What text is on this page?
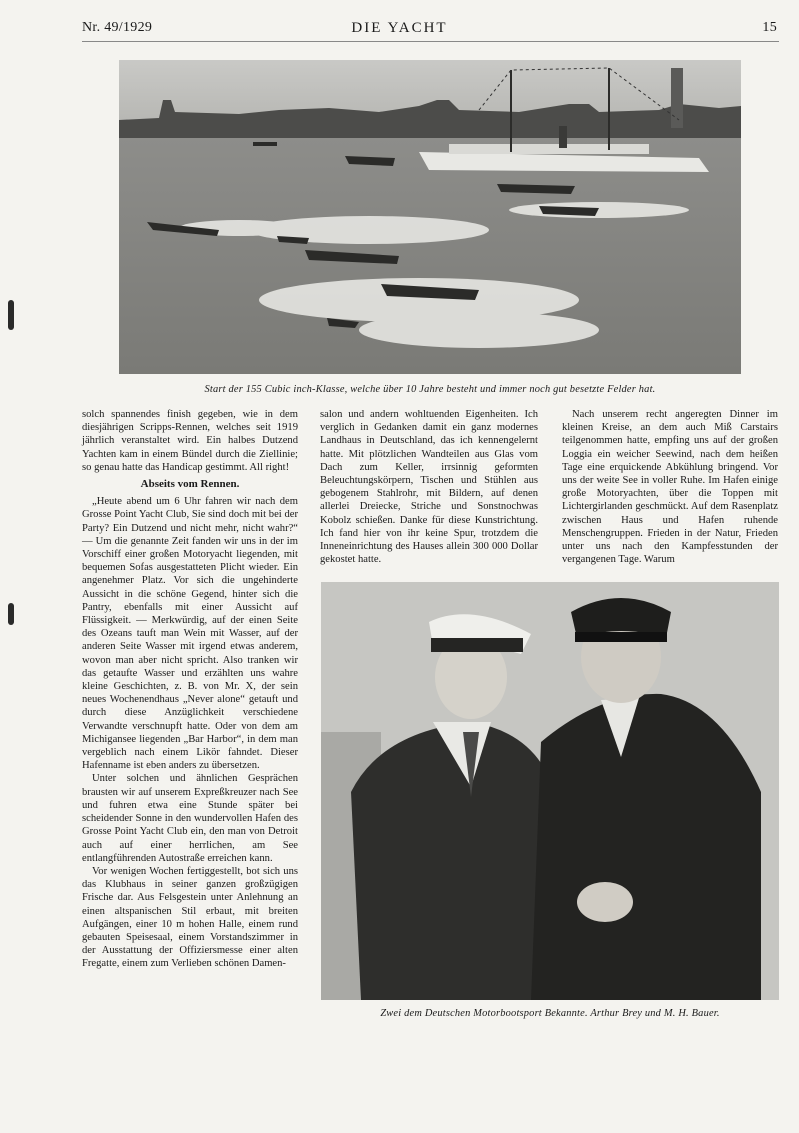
Nr. 49/1929	DIE YACHT	15
Start der 155 Cubic inch-Klasse, welche über 10 Jahre besteht und immer noch gut besetzte Felder hat.

solch spannendes finish gegeben, wie in dem diesjährigen Scripps-Rennen, welches seit 1919 jährlich veranstaltet wird. Ein halbes Dutzend Yachten kam in einem Bündel durch die Ziellinie; so genau hatte das Handicap gestimmt. All right!

Abseits vom Rennen.

„Heute abend um 6 Uhr fahren wir nach dem Grosse Point Yacht Club, Sie sind doch mit bei der Party? Ein Dutzend und nicht mehr, nicht wahr?“ — Um die genannte Zeit fanden wir uns in der im Vorschiff einer großen Motoryacht liegenden, mit bequemen Sofas ausgestatteten Plicht wieder. Ein angenehmer Platz. Vor sich die ungehinderte Aussicht in die schöne Gegend, hinter sich die Pantry, ebenfalls mit einer Aussicht auf Flüssigkeit. — Merkwürdig, auf der einen Seite des Ozeans tauft man Wein mit Wasser, auf der anderen Seite Wasser mit irgend etwas anderem, wovon man aber nicht spricht. Also tranken wir das getaufte Wasser und erzählten uns wahre kleine Geschichten, z. B. von Mr. X, der sein neues Wochenendhaus „Never alone“ getauft und durch diese Anzüglichkeit verschiedene Verwandte verschnupft hatte. Oder von dem am Michigansee liegenden „Bar Harbor“, in dem man vergeblich nach einem Likör fahndet. Dieser Hafenname ist eben anders zu übersetzen.

Unter solchen und ähnlichen Gesprächen brausten wir auf unserem Expreßkreuzer nach See und fuhren etwa eine Stunde später bei scheidender Sonne in den wundervollen Hafen des Grosse Point Yacht Club ein, den man von Detroit auch auf einer herrlichen, am See entlangführenden Autostraße erreichen kann.

Vor wenigen Wochen fertiggestellt, bot sich uns das Klubhaus in seiner ganzen großzügigen Frische dar. Aus Felsgestein unter Anlehnung an einen altspanischen Stil erbaut, mit breiten Aufgängen, einer 10 m hohen Halle, einem rund gebauten Speisesaal, einem Vorstandszimmer in der Ausstattung der Offiziersmesse einer alten Fregatte, einem zum Verlieben schönen Damen-

salon und andern wohltuenden Eigenheiten. Ich verglich in Gedanken damit ein ganz modernes Landhaus in Deutschland, das ich kennengelernt hatte. Mit plötzlichen Wandteilen aus Glas vom Dach zum Keller, irrsinnig geformten Beleuchtungskörpern, Tischen und Stühlen aus gebogenem Stahlrohr, mit Bildern, auf denen allerlei Dreiecke, Striche und Sonstnochwas Kobolz schießen. Danke für diese Kunstrichtung. Ich fand hier von ihr keine Spur, trotzdem die Inneneinrichtung des Hauses allein 300 000 Dollar gekostet hatte.

Nach unserem recht angeregten Dinner im kleinen Kreise, an dem auch Miß Carstairs teilgenommen hatte, empfing uns auf der großen Loggia ein weicher Seewind, nach dem heißen Tage eine erquickende Abkühlung bringend. Vor uns der weite See in voller Ruhe. Im Hafen einige große Motoryachten, über die Toppen mit Lichtergirlanden geschmückt. Auf dem Rasenplatz zwischen Haus und Hafen ruhende Menschengruppen. Frieden in der Natur, Frieden unter uns nach den Kampfesstunden der vergangenen Tage. Warum

Zwei dem Deutschen Motorbootsport Bekannte. Arthur Brey und M. H. Bauer.
